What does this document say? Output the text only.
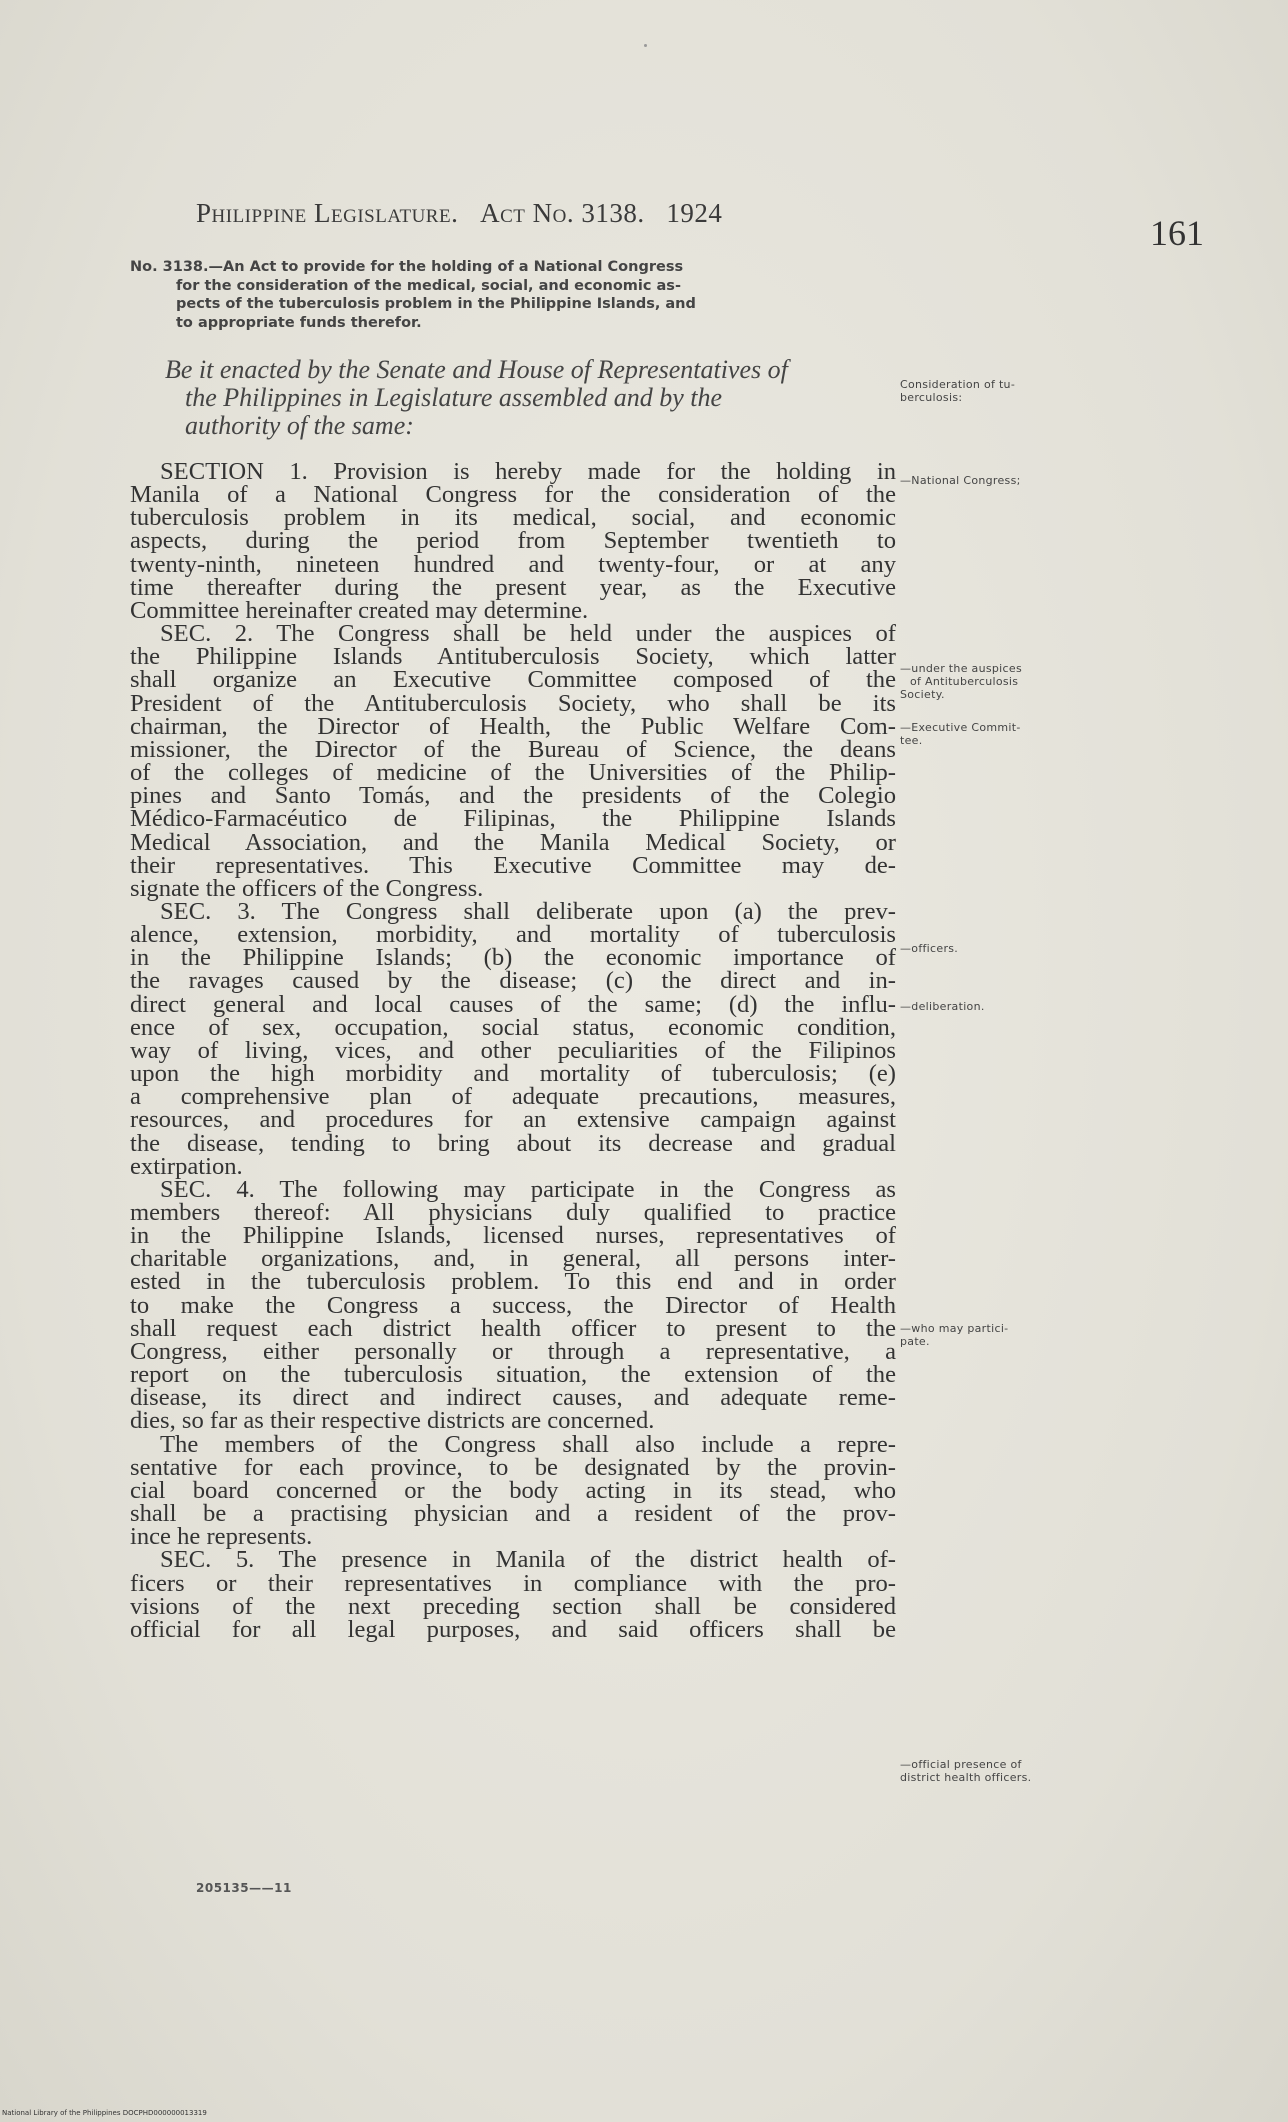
Philippine Legislature. Act No. 3138. 1924	161
No. 3138.—An Act to provide for the holding of a National Congress
for the consideration of the medical, social, and economic as-
pects of the tuberculosis problem in the Philippine Islands, and
to appropriate funds therefor.
Be it enacted by the Senate and House of Representatives of
the Philippines in Legislature assembled and by the
authority of the same:
Consideration of tu-
berculosis:
SECTION 1. Provision is hereby made for the holding in
Manila of a National Congress for the consideration of the
tuberculosis problem in its medical, social, and economic
aspects, during the period from September twentieth to
twenty-ninth, nineteen hundred and twenty-four, or at any
time thereafter during the present year, as the Executive
Committee hereinafter created may determine.
SEC. 2. The Congress shall be held under the auspices of
the Philippine Islands Antituberculosis Society, which latter
shall organize an Executive Committee composed of the
President of the Antituberculosis Society, who shall be its
chairman, the Director of Health, the Public Welfare Com-
missioner, the Director of the Bureau of Science, the deans
of the colleges of medicine of the Universities of the Philip-
pines and Santo Tomás, and the presidents of the Colegio
Médico-Farmacéutico de Filipinas, the Philippine Islands
Medical Association, and the Manila Medical Society, or
their representatives. This Executive Committee may de-
signate the officers of the Congress.
SEC. 3. The Congress shall deliberate upon (a) the prev-
alence, extension, morbidity, and mortality of tuberculosis
in the Philippine Islands; (b) the economic importance of
the ravages caused by the disease; (c) the direct and in-
direct general and local causes of the same; (d) the influ-
ence of sex, occupation, social status, economic condition,
way of living, vices, and other peculiarities of the Filipinos
upon the high morbidity and mortality of tuberculosis; (e)
a comprehensive plan of adequate precautions, measures,
resources, and procedures for an extensive campaign against
the disease, tending to bring about its decrease and gradual
extirpation.
SEC. 4. The following may participate in the Congress as
members thereof: All physicians duly qualified to practice
in the Philippine Islands, licensed nurses, representatives of
charitable organizations, and, in general, all persons inter-
ested in the tuberculosis problem. To this end and in order
to make the Congress a success, the Director of Health
shall request each district health officer to present to the
Congress, either personally or through a representative, a
report on the tuberculosis situation, the extension of the
disease, its direct and indirect causes, and adequate reme-
dies, so far as their respective districts are concerned.
The members of the Congress shall also include a repre-
sentative for each province, to be designated by the provin-
cial board concerned or the body acting in its stead, who
shall be a practising physician and a resident of the prov-
ince he represents.
SEC. 5. The presence in Manila of the district health of-
ficers or their representatives in compliance with the pro-
visions of the next preceding section shall be considered
official for all legal purposes, and said officers shall be
—National Congress;
—under the auspices
of Antituberculosis
Society.
—Executive Commit-
tee.
—officers.
—deliberation.
—who may partici-
pate.
—official presence of
district health officers.
205135——11
National Library of the Philippines DOCPHD000000013319
